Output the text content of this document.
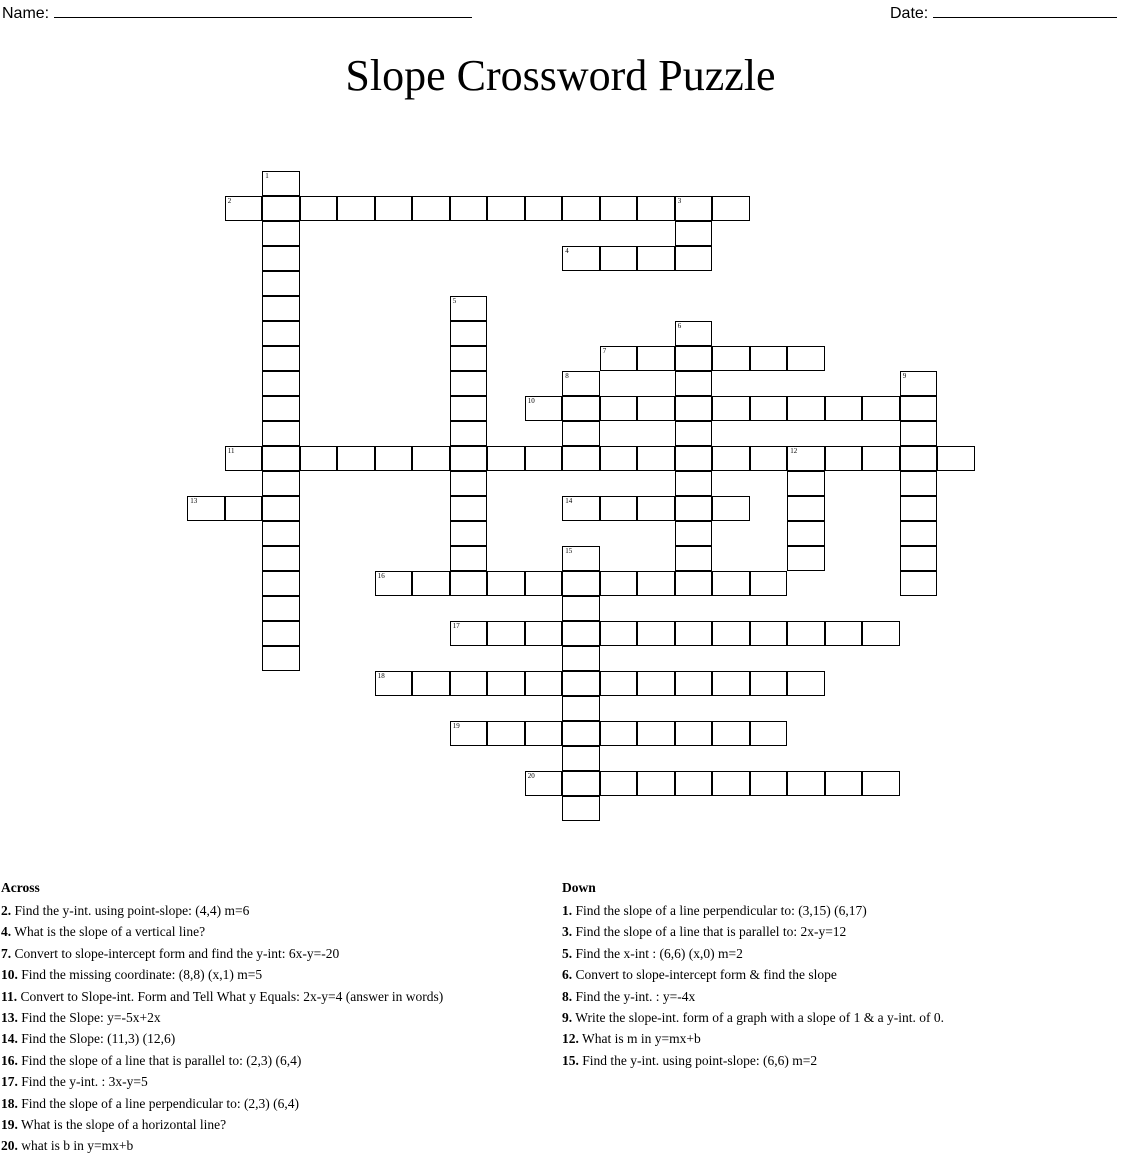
Name:	Date:
Slope Crossword Puzzle
1
2	3
4
5
6
7
8	9
10
11	12
13	14
15
16
17
18
19
20
Across
2. Find the y-int. using point-slope: (4,4) m=6
4. What is the slope of a vertical line?
7. Convert to slope-intercept form and find the y-int: 6x-y=-20
10. Find the missing coordinate: (8,8) (x,1) m=5
11. Convert to Slope-int. Form and Tell What y Equals: 2x-y=4 (answer in words)
13. Find the Slope: y=-5x+2x
14. Find the Slope: (11,3) (12,6)
16. Find the slope of a line that is parallel to: (2,3) (6,4)
17. Find the y-int. : 3x-y=5
18. Find the slope of a line perpendicular to: (2,3) (6,4)
19. What is the slope of a horizontal line?
20. what is b in y=mx+b
Down
1. Find the slope of a line perpendicular to: (3,15) (6,17)
3. Find the slope of a line that is parallel to: 2x-y=12
5. Find the x-int : (6,6) (x,0) m=2
6. Convert to slope-intercept form & find the slope
8. Find the y-int. : y=-4x
9. Write the slope-int. form of a graph with a slope of 1 & a y-int. of 0.
12. What is m in y=mx+b
15. Find the y-int. using point-slope: (6,6) m=2
